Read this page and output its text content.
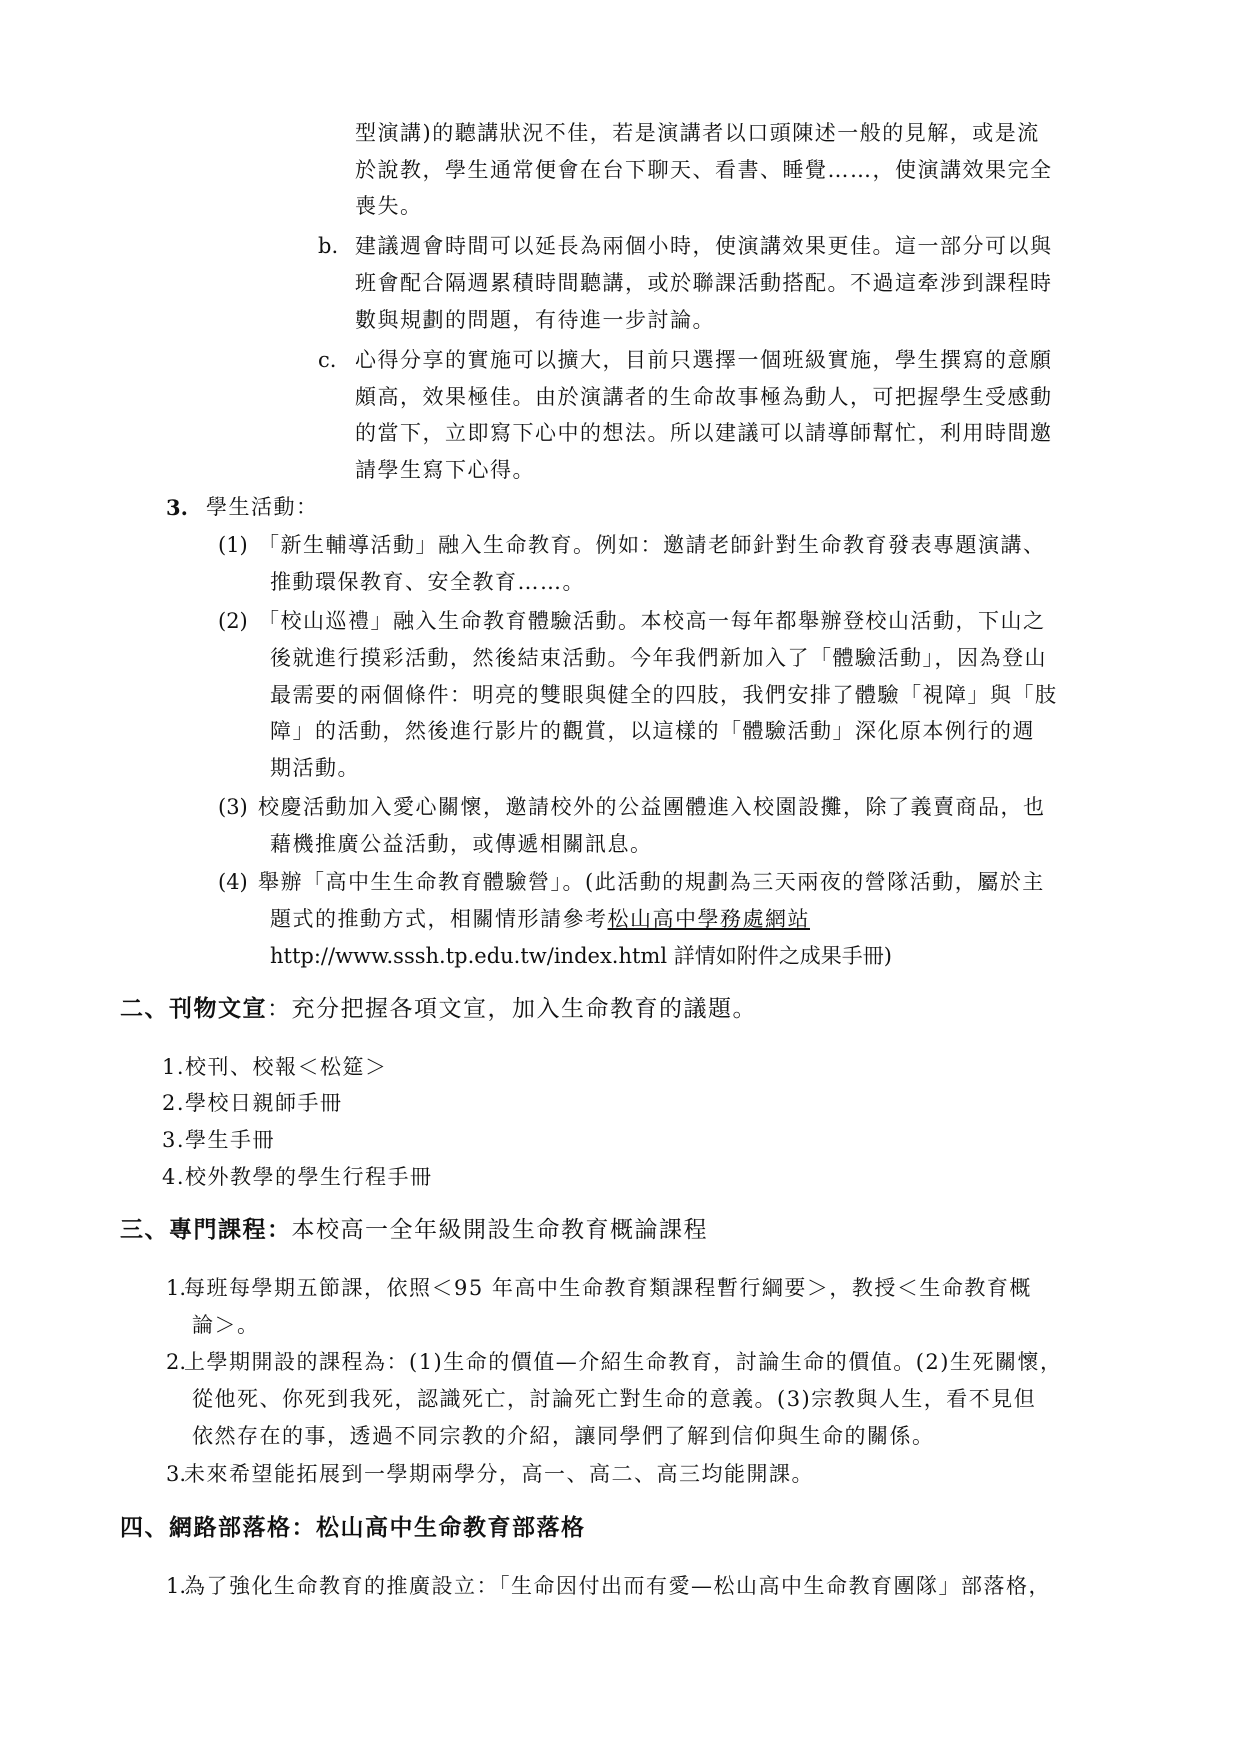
型演講)的聽講狀況不佳，若是演講者以口頭陳述一般的見解，或是流
於說教，學生通常便會在台下聊天、看書、睡覺……，使演講效果完全
喪失。
b. 建議週會時間可以延長為兩個小時，使演講效果更佳。這一部分可以與
班會配合隔週累積時間聽講，或於聯課活動搭配。不過這牽涉到課程時
數與規劃的問題，有待進一步討論。
c. 心得分享的實施可以擴大，目前只選擇一個班級實施，學生撰寫的意願
頗高，效果極佳。由於演講者的生命故事極為動人，可把握學生受感動
的當下，立即寫下心中的想法。所以建議可以請導師幫忙，利用時間邀
請學生寫下心得。
3. 學生活動：
(1) 「新生輔導活動」融入生命教育。例如：邀請老師針對生命教育發表專題演講、
推動環保教育、安全教育……。
(2) 「校山巡禮」融入生命教育體驗活動。本校高一每年都舉辦登校山活動，下山之
後就進行摸彩活動，然後結束活動。今年我們新加入了「體驗活動」，因為登山
最需要的兩個條件：明亮的雙眼與健全的四肢，我們安排了體驗「視障」與「肢
障」的活動，然後進行影片的觀賞，以這樣的「體驗活動」深化原本例行的週
期活動。
(3) 校慶活動加入愛心關懷，邀請校外的公益團體進入校園設攤，除了義賣商品，也
藉機推廣公益活動，或傳遞相關訊息。
(4) 舉辦「高中生生命教育體驗營」。(此活動的規劃為三天兩夜的營隊活動，屬於主
題式的推動方式，相關情形請參考松山高中學務處網站
http://www.sssh.tp.edu.tw/index.html 詳情如附件之成果手冊)
二、刊物文宣：充分把握各項文宣，加入生命教育的議題。
1.校刊、校報＜松筵＞
2.學校日親師手冊
3.學生手冊
4.校外教學的學生行程手冊
三、專門課程：本校高一全年級開設生命教育概論課程
1.
每班每學期五節課，依照＜95 年高中生命教育類課程暫行綱要＞，教授＜生命教育概
論＞。
2.
上學期開設的課程為：(1)生命的價值—介紹生命教育，討論生命的價值。(2)生死關懷，
從他死、你死到我死，認識死亡，討論死亡對生命的意義。(3)宗教與人生，看不見但
依然存在的事，透過不同宗教的介紹，讓同學們了解到信仰與生命的關係。
3.
未來希望能拓展到一學期兩學分，高一、高二、高三均能開課。
四、網路部落格：松山高中生命教育部落格
1.
為了強化生命教育的推廣設立：「生命因付出而有愛—松山高中生命教育團隊」部落格，
